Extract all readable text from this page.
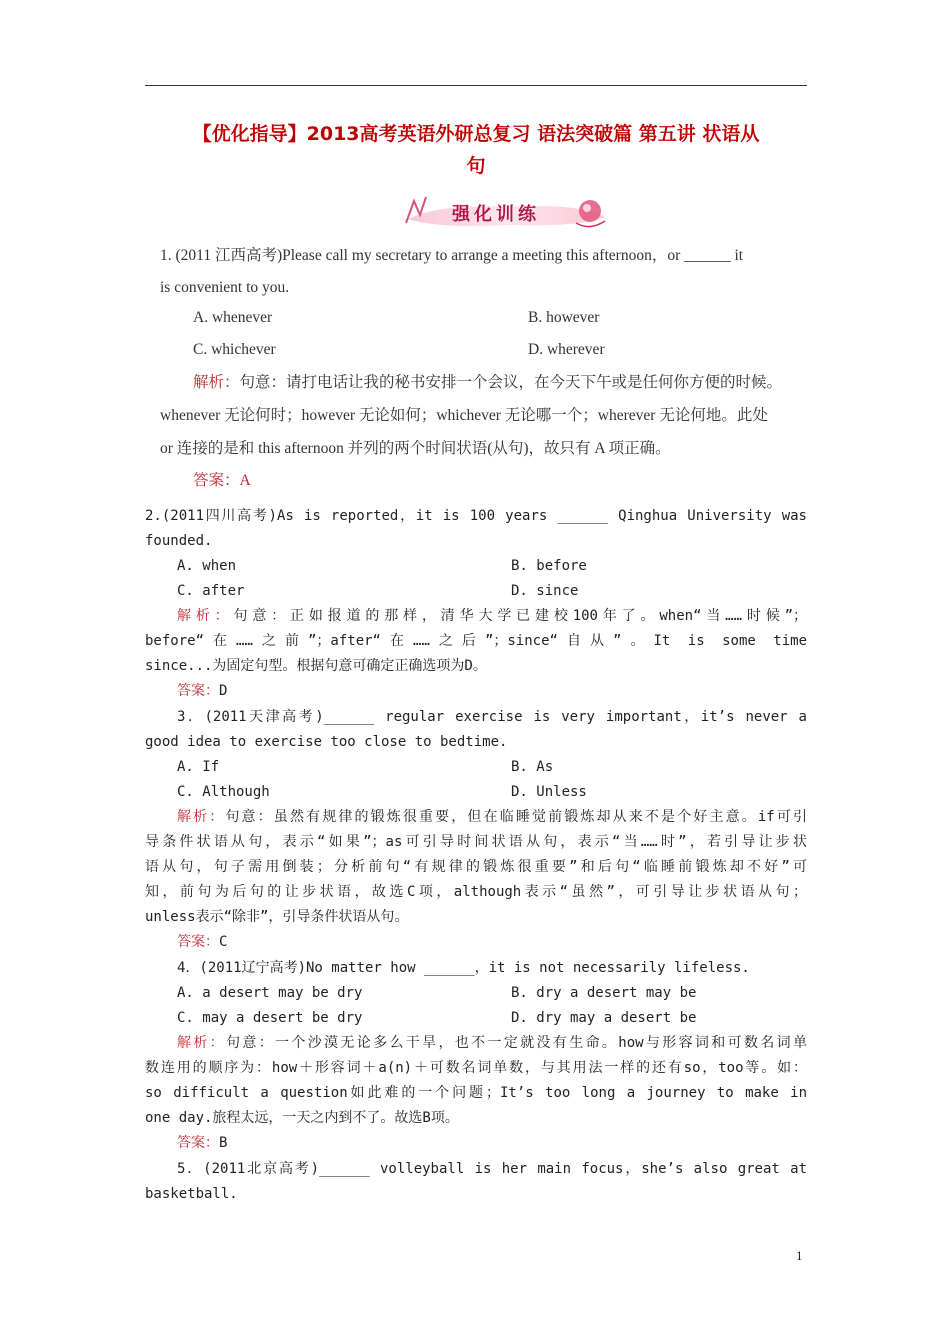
【优化指导】2013高考英语外研总复习 语法突破篇 第五讲 状语从
句
强化训练
1. (2011 江西高考)Please call my secretary to arrange a meeting this afternoon，or ______ it
is convenient to you.
A. whenever	B. however
C. whichever	D. wherever
解析：句意：请打电话让我的秘书安排一个会议，在今天下午或是任何你方便的时候。
whenever 无论何时；however 无论如何；whichever 无论哪一个；wherever 无论何地。此处
or 连接的是和 this afternoon 并列的两个时间状语(从句)，故只有 A 项正确。
答案：A
2.(2011四川高考)As is reported，it is 100 years ______ Qinghua University was
founded.
A. when	B. before
C. after	D. since
解析：句意：正如报道的那样，清华大学已建校100年了。when“当……时候”；
before“在……之前”；after“在……之后”；since“自从”。It is some time
since...为固定句型。根据句意可确定正确选项为D。
答案：D
3．(2011天津高考)______ regular exercise is very important，it’s never a
good idea to exercise too close to bedtime.
A. If	B. As
C. Although	D. Unless
解析：句意：虽然有规律的锻炼很重要，但在临睡觉前锻炼却从来不是个好主意。if可引
导条件状语从句，表示“如果”；as可引导时间状语从句，表示“当……时”，若引导让步状
语从句，句子需用倒装；分析前句“有规律的锻炼很重要”和后句“临睡前锻炼却不好”可
知，前句为后句的让步状语，故选C项，although表示“虽然”，可引导让步状语从句；
unless表示“除非”，引导条件状语从句。
答案：C
4．(2011辽宁高考)No matter how ______，it is not necessarily lifeless.
A. a desert may be dry	B. dry a desert may be
C. may a desert be dry	D. dry may a desert be
解析：句意：一个沙漠无论多么干旱，也不一定就没有生命。how与形容词和可数名词单
数连用的顺序为：how＋形容词＋a(n)＋可数名词单数，与其用法一样的还有so，too等。如：
so difficult a question如此难的一个问题；It’s too long a journey to make in
one day.旅程太远，一天之内到不了。故选B项。
答案：B
5．(2011北京高考)______ volleyball is her main focus，she’s also great at
basketball.
1
